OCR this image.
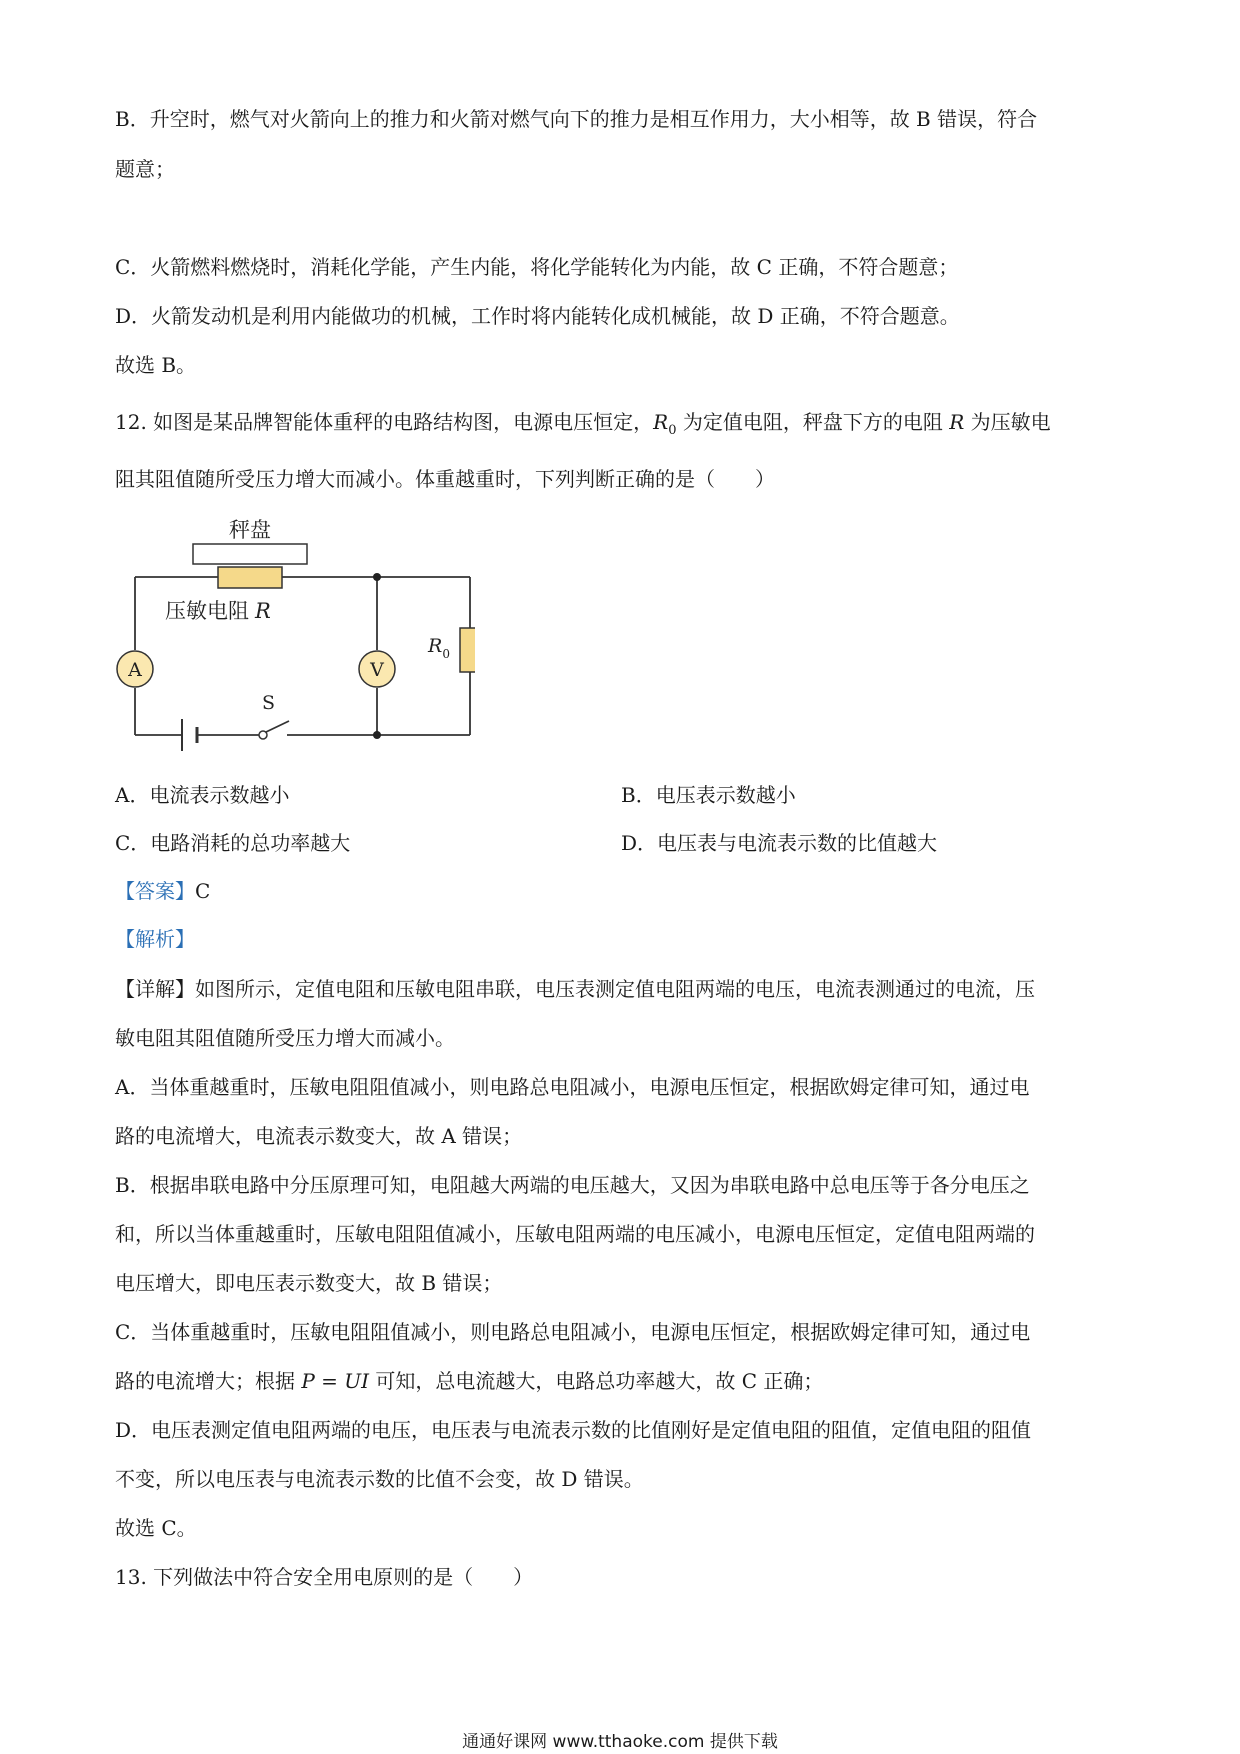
B．升空时，燃气对火箭向上的推力和火箭对燃气向下的推力是相互作用力，大小相等，故 B 错误，符合
题意；
C．火箭燃料燃烧时，消耗化学能，产生内能，将化学能转化为内能，故 C 正确，不符合题意；
D．火箭发动机是利用内能做功的机械，工作时将内能转化成机械能，故 D 正确，不符合题意。
故选 B。
12. 如图是某品牌智能体重秤的电路结构图，电源电压恒定，$R_0$ 为定值电阻，秤盘下方的电阻 R 为压敏电
阻其阻值随所受压力增大而减小。体重越重时，下列判断正确的是（　　）
秤盘
压敏电阻 R
A	V
$R_0$
S
A．电流表示数越小	B．电压表示数越小
C．电路消耗的总功率越大	D．电压表与电流表示数的比值越大
【答案】C
【解析】
【详解】如图所示，定值电阻和压敏电阻串联，电压表测定值电阻两端的电压，电流表测通过的电流，压
敏电阻其阻值随所受压力增大而减小。
A．当体重越重时，压敏电阻阻值减小，则电路总电阻减小，电源电压恒定，根据欧姆定律可知，通过电
路的电流增大，电流表示数变大，故 A 错误；
B．根据串联电路中分压原理可知，电阻越大两端的电压越大，又因为串联电路中总电压等于各分电压之
和，所以当体重越重时，压敏电阻阻值减小，压敏电阻两端的电压减小，电源电压恒定，定值电阻两端的
电压增大，即电压表示数变大，故 B 错误；
C．当体重越重时，压敏电阻阻值减小，则电路总电阻减小，电源电压恒定，根据欧姆定律可知，通过电
路的电流增大；根据 P = UI 可知，总电流越大，电路总功率越大，故 C 正确；
D．电压表测定值电阻两端的电压，电压表与电流表示数的比值刚好是定值电阻的阻值，定值电阻的阻值
不变，所以电压表与电流表示数的比值不会变，故 D 错误。
故选 C。
13. 下列做法中符合安全用电原则的是（　　）
通通好课网 www.tthaoke.com 提供下载
